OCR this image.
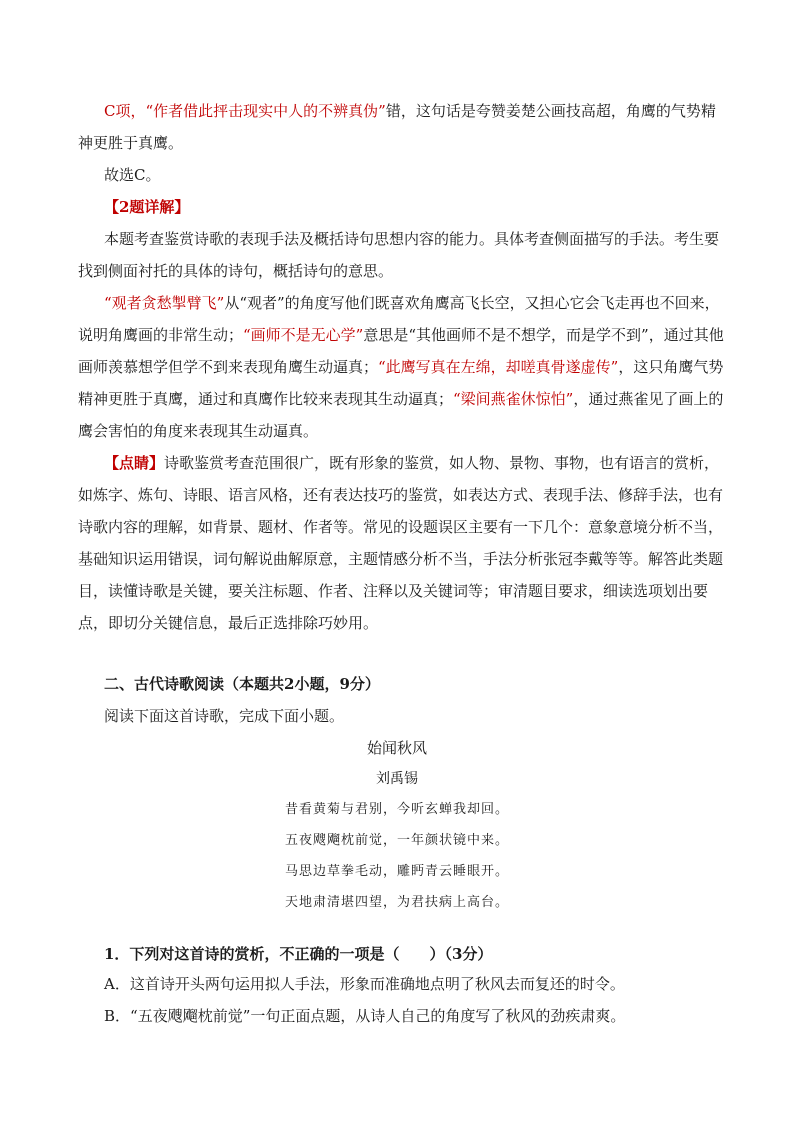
C项，“作者借此抨击现实中人的不辨真伪”错，这句话是夸赞姜楚公画技高超，角鹰的气势精神更胜于真鹰。

故选C。

【2题详解】

本题考查鉴赏诗歌的表现手法及概括诗句思想内容的能力。具体考查侧面描写的手法。考生要找到侧面衬托的具体的诗句，概括诗句的意思。

“观者贪愁掣臂飞”从“观者”的角度写他们既喜欢角鹰高飞长空，又担心它会飞走再也不回来，说明角鹰画的非常生动；“画师不是无心学”意思是“其他画师不是不想学，而是学不到”，通过其他画师羡慕想学但学不到来表现角鹰生动逼真；“此鹰写真在左绵，却嗟真骨遂虚传”，这只角鹰气势精神更胜于真鹰，通过和真鹰作比较来表现其生动逼真；“梁间燕雀休惊怕”，通过燕雀见了画上的鹰会害怕的角度来表现其生动逼真。

【点睛】诗歌鉴赏考查范围很广，既有形象的鉴赏，如人物、景物、事物，也有语言的赏析，如炼字、炼句、诗眼、语言风格，还有表达技巧的鉴赏，如表达方式、表现手法、修辞手法，也有诗歌内容的理解，如背景、题材、作者等。常见的设题误区主要有一下几个：意象意境分析不当，基础知识运用错误，词句解说曲解原意，主题情感分析不当，手法分析张冠李戴等等。解答此类题目，读懂诗歌是关键，要关注标题、作者、注释以及关键词等；审清题目要求，细读选项划出要点，即切分关键信息，最后正选排除巧妙用。

二、古代诗歌阅读（本题共2小题，9分）

阅读下面这首诗歌，完成下面小题。

始闻秋风
刘禹锡
昔看黄菊与君别，今听玄蝉我却回。
五夜飕飗枕前觉，一年颜状镜中来。
马思边草拳毛动，雕眄青云睡眼开。
天地肃清堪四望，为君扶病上高台。

1．下列对这首诗的赏析，不正确的一项是（　　）（3分）

A．这首诗开头两句运用拟人手法，形象而准确地点明了秋风去而复还的时令。

B．“五夜飕飗枕前觉”一句正面点题，从诗人自己的角度写了秋风的劲疾肃爽。
